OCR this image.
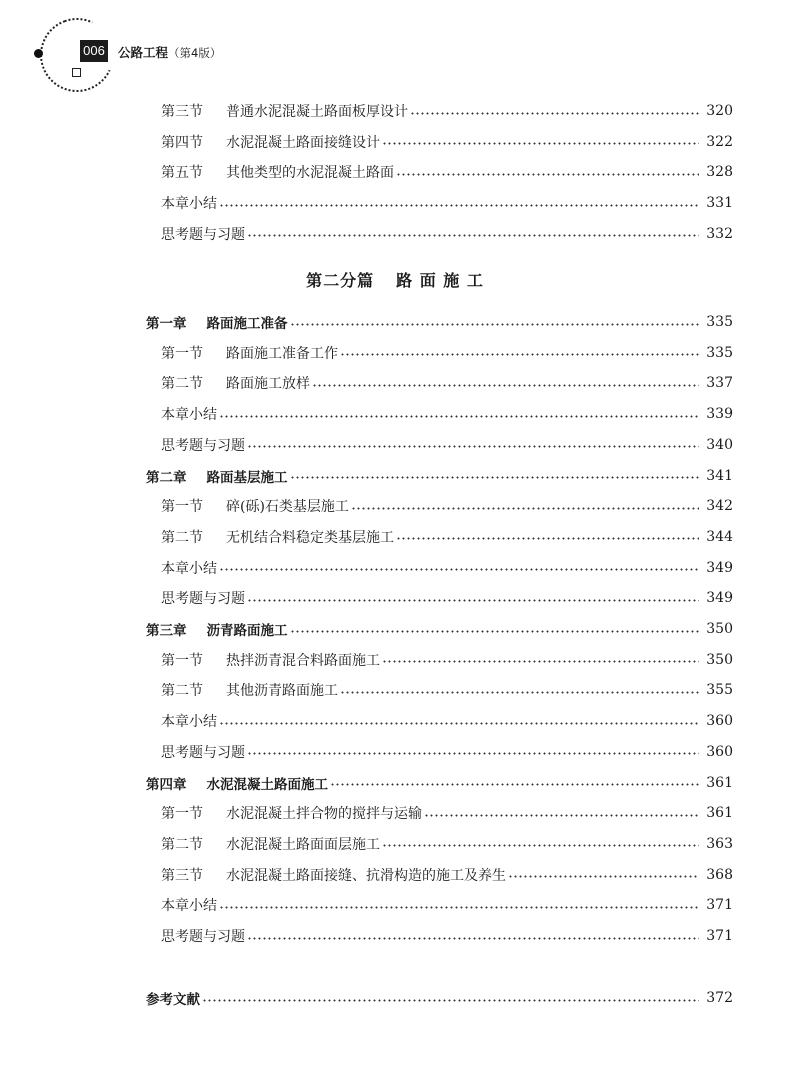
006 公路工程（第4版）
第二分篇 路 面 施 工
第三节 普通水泥混凝土路面板厚设计	320
第四节 水泥混凝土路面接缝设计	322
第五节 其他类型的水泥混凝土路面	328
本章小结	331
思考题与习题	332
第一章 路面施工准备	335
第一节 路面施工准备工作	335
第二节 路面施工放样	337
本章小结	339
思考题与习题	340
第二章 路面基层施工	341
第一节 碎(砾)石类基层施工	342
第二节 无机结合料稳定类基层施工	344
本章小结	349
思考题与习题	349
第三章 沥青路面施工	350
第一节 热拌沥青混合料路面施工	350
第二节 其他沥青路面施工	355
本章小结	360
思考题与习题	360
第四章 水泥混凝土路面施工	361
第一节 水泥混凝土拌合物的搅拌与运输	361
第二节 水泥混凝土路面面层施工	363
第三节 水泥混凝土路面接缝、抗滑构造的施工及养生	368
本章小结	371
思考题与习题	371
参考文献	372
